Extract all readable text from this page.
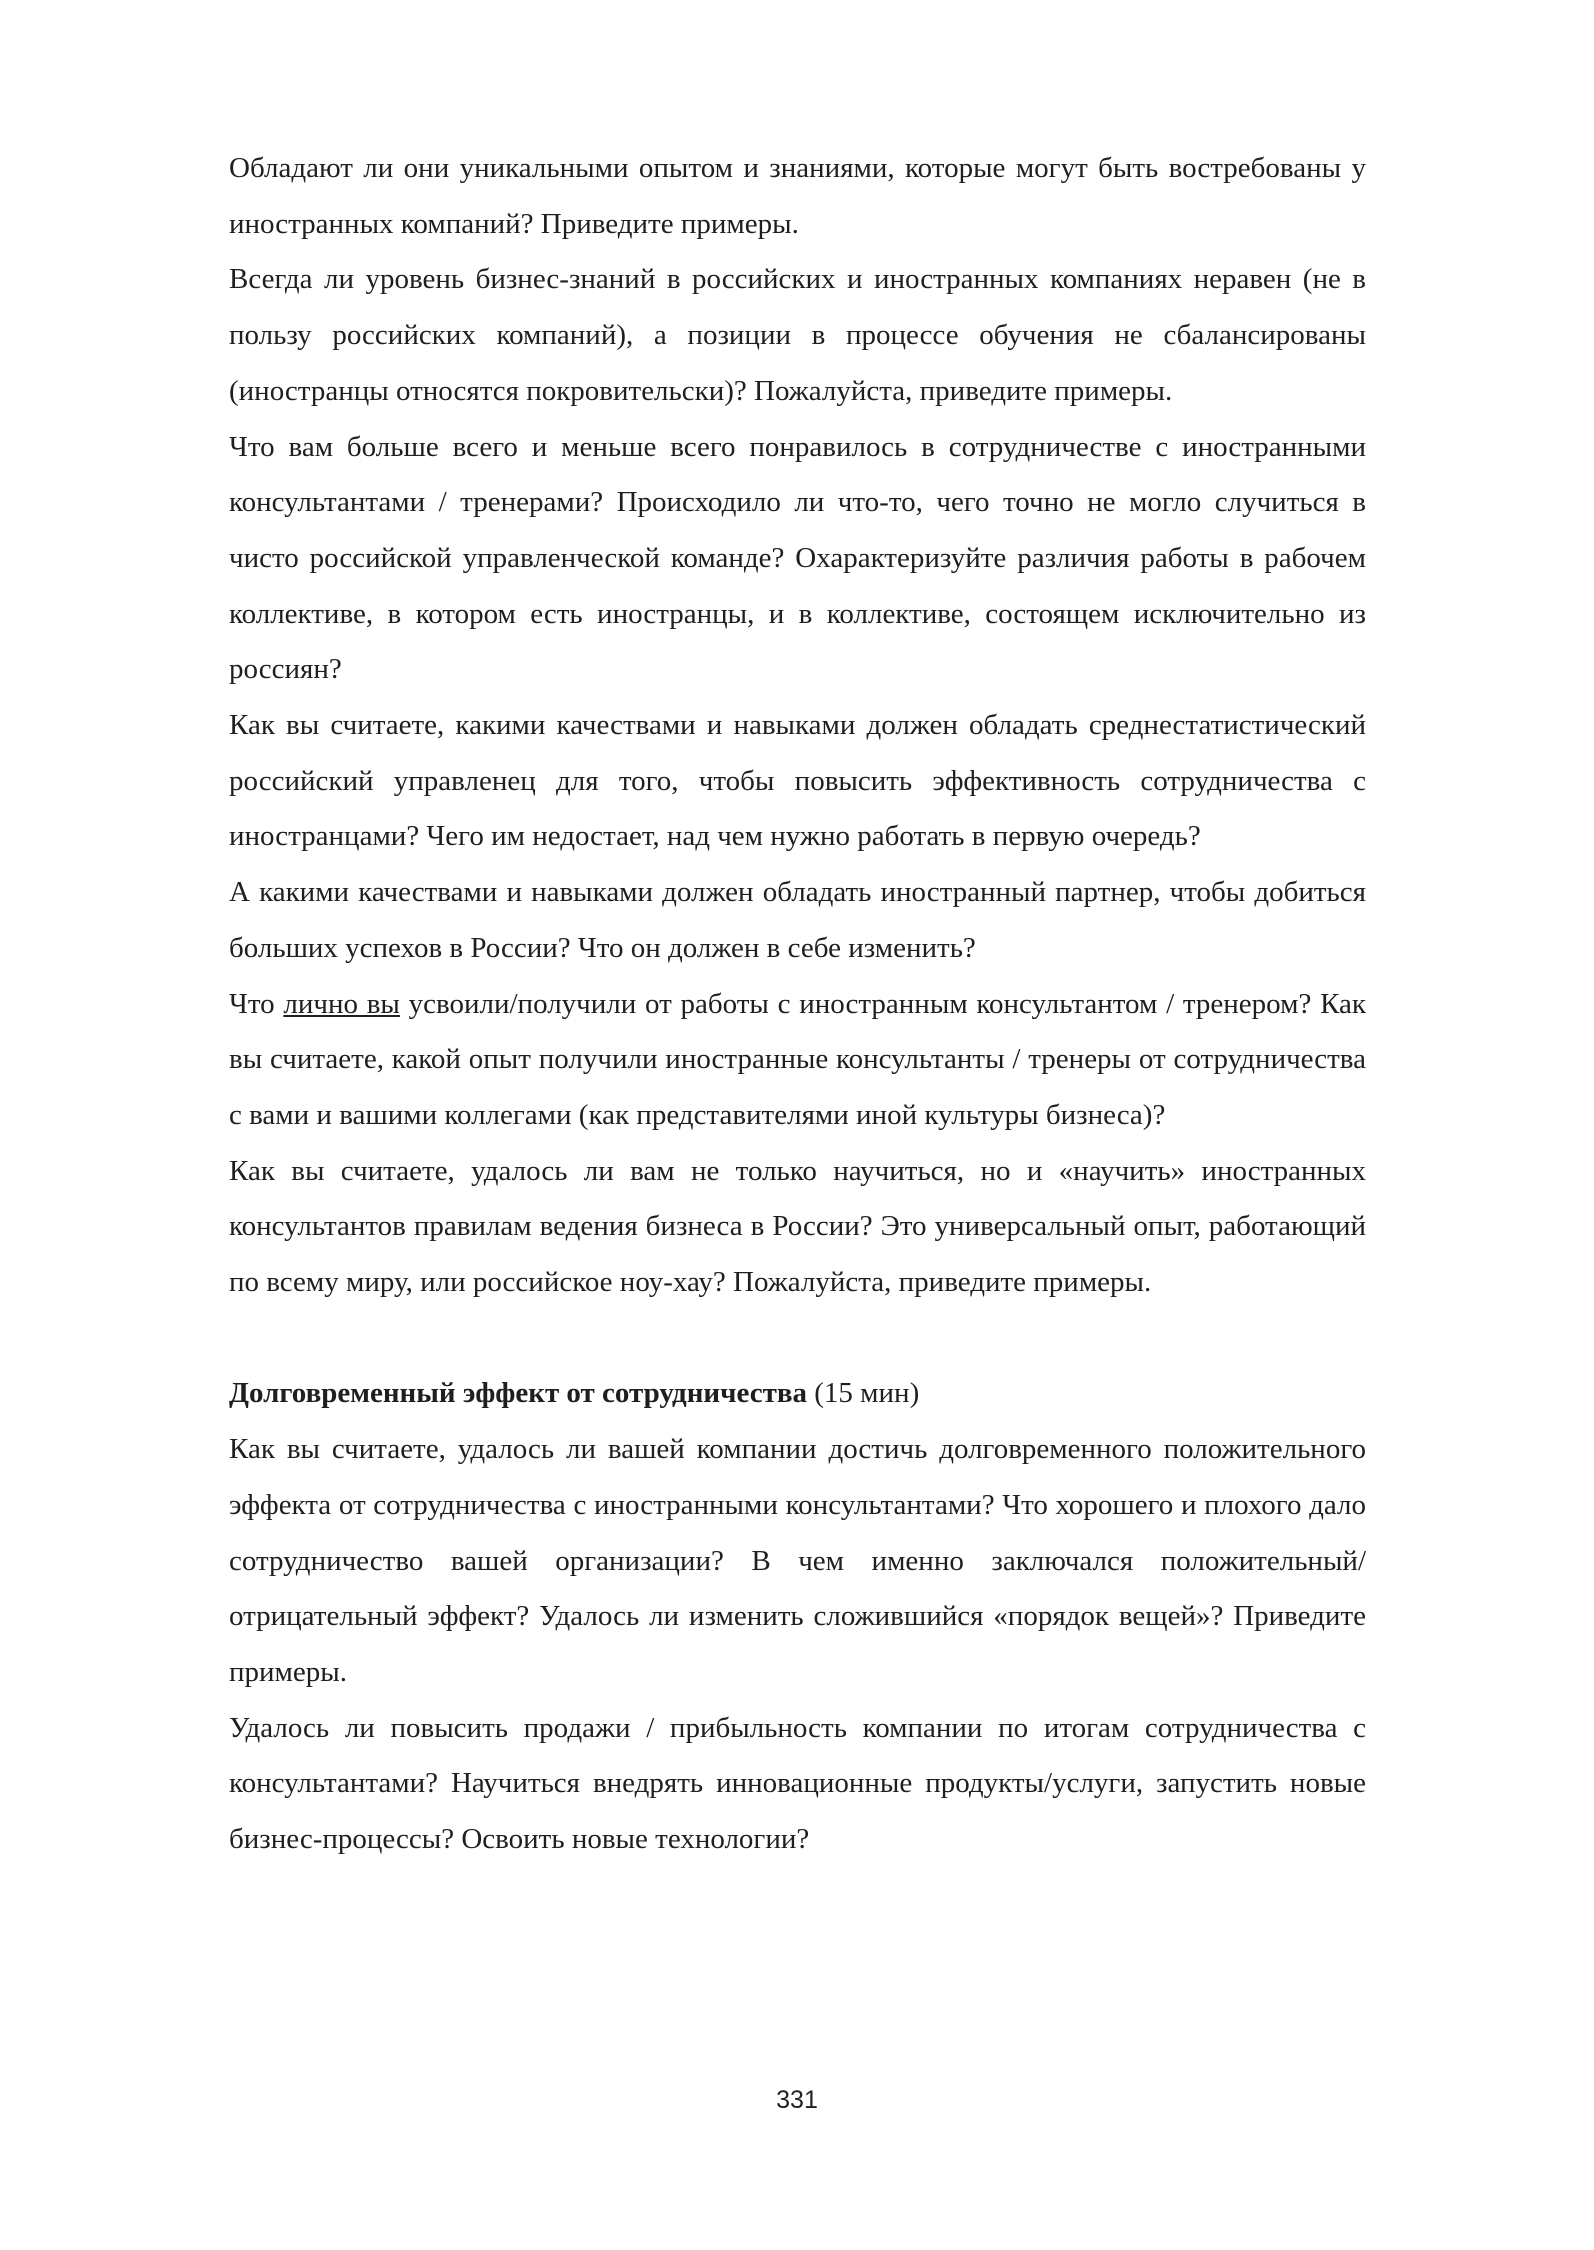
Обладают ли они уникальными опытом и знаниями, которые могут быть востребованы у иностранных компаний? Приведите примеры.

Всегда ли уровень бизнес-знаний в российских и иностранных компаниях неравен (не в пользу российских компаний), а позиции в процессе обучения не сбалансированы (иностранцы относятся покровительски)? Пожалуйста, приведите примеры.

Что вам больше всего и меньше всего понравилось в сотрудничестве с иностранными консультантами / тренерами? Происходило ли что-то, чего точно не могло случиться в чисто российской управленческой команде? Охарактеризуйте различия работы в рабочем коллективе, в котором есть иностранцы, и в коллективе, состоящем исключительно из россиян?

Как вы считаете, какими качествами и навыками должен обладать среднестатистический российский управленец для того, чтобы повысить эффективность сотрудничества с иностранцами? Чего им недостает, над чем нужно работать в первую очередь?

А какими качествами и навыками должен обладать иностранный партнер, чтобы добиться больших успехов в России? Что он должен в себе изменить?

Что лично вы усвоили/получили от работы с иностранным консультантом / тренером? Как вы считаете, какой опыт получили иностранные консультанты / тренеры от сотрудничества с вами и вашими коллегами (как представителями иной культуры бизнеса)?

Как вы считаете, удалось ли вам не только научиться, но и «научить» иностранных консультантов правилам ведения бизнеса в России? Это универсальный опыт, работающий по всему миру, или российское ноу-хау? Пожалуйста, приведите примеры.

Долговременный эффект от сотрудничества (15 мин)

Как вы считаете, удалось ли вашей компании достичь долговременного положительного эффекта от сотрудничества с иностранными консультантами? Что хорошего и плохого дало сотрудничество вашей организации? В чем именно заключался положительный/отрицательный эффект? Удалось ли изменить сложившийся «порядок вещей»? Приведите примеры.

Удалось ли повысить продажи / прибыльность компании по итогам сотрудничества с консультантами? Научиться внедрять инновационные продукты/услуги, запустить новые бизнес-процессы? Освоить новые технологии?

331
